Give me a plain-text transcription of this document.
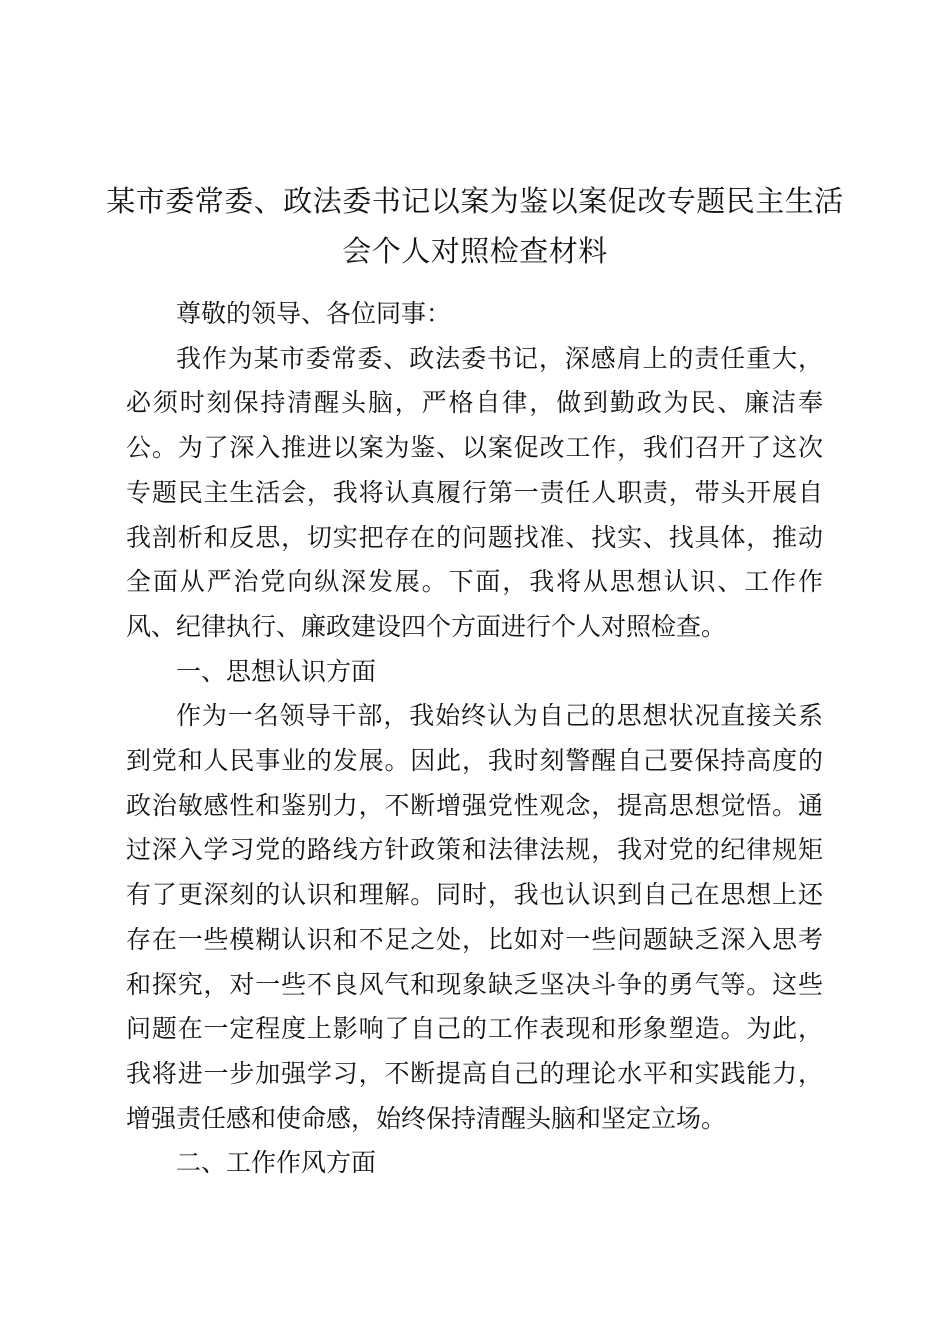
某市委常委、政法委书记以案为鉴以案促改专题民主生活会个人对照检查材料

尊敬的领导、各位同事：

我作为某市委常委、政法委书记，深感肩上的责任重大，必须时刻保持清醒头脑，严格自律，做到勤政为民、廉洁奉公。为了深入推进以案为鉴、以案促改工作，我们召开了这次专题民主生活会，我将认真履行第一责任人职责，带头开展自我剖析和反思，切实把存在的问题找准、找实、找具体，推动全面从严治党向纵深发展。下面，我将从思想认识、工作作风、纪律执行、廉政建设四个方面进行个人对照检查。

一、思想认识方面

作为一名领导干部，我始终认为自己的思想状况直接关系到党和人民事业的发展。因此，我时刻警醒自己要保持高度的政治敏感性和鉴别力，不断增强党性观念，提高思想觉悟。通过深入学习党的路线方针政策和法律法规，我对党的纪律规矩有了更深刻的认识和理解。同时，我也认识到自己在思想上还存在一些模糊认识和不足之处，比如对一些问题缺乏深入思考和探究，对一些不良风气和现象缺乏坚决斗争的勇气等。这些问题在一定程度上影响了自己的工作表现和形象塑造。为此，我将进一步加强学习，不断提高自己的理论水平和实践能力，增强责任感和使命感，始终保持清醒头脑和坚定立场。

二、工作作风方面
